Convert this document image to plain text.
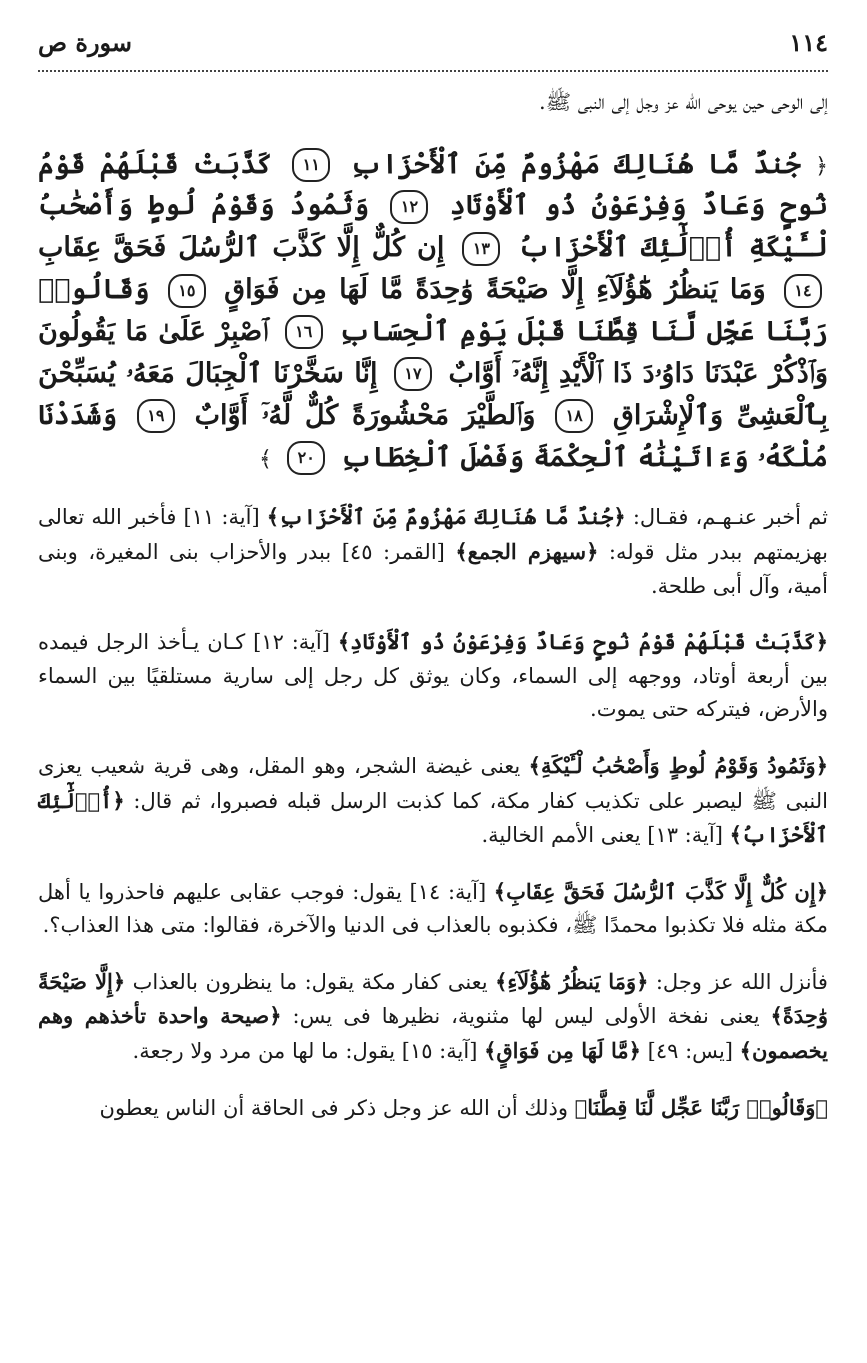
١١٤
سورة ص

إلى الوحى حين يوحى الله عز وجل إلى النبى ﷺ.

﴿ جُندٌ مَّا هُنَالِكَ مَهْزُومٌ مِّنَ ٱلْأَحْزَابِ ١١ كَذَّبَتْ قَبْلَهُمْ قَوْمُ نُوحٍ وَعَادٌ وَفِرْعَوْنُ ذُو ٱلْأَوْتَادِ ١٢ وَثَمُودُ وَقَوْمُ لُوطٍ وَأَصْحَٰبُ لْـَٔيْكَةِ أُو۟لَٰٓئِكَ ٱلْأَحْزَابُ ١٣ إِن كُلٌّ إِلَّا كَذَّبَ ٱلرُّسُلَ فَحَقَّ عِقَابِ ١٤ وَمَا يَنظُرُ هَٰٓؤُلَآءِ إِلَّا صَيْحَةً وَٰحِدَةً مَّا لَهَا مِن فَوَاقٍ ١٥ وَقَالُوا۟ رَبَّنَا عَجِّل لَّنَا قِطَّنَا قَبْلَ يَوْمِ ٱلْحِسَابِ ١٦ ٱصْبِرْ عَلَىٰ مَا يَقُولُونَ وَٱذْكُرْ عَبْدَنَا دَاوُۥدَ ذَا ٱلْأَيْدِ إِنَّهُۥٓ أَوَّابٌ ١٧ إِنَّا سَخَّرْنَا ٱلْجِبَالَ مَعَهُۥ يُسَبِّحْنَ بِٱلْعَشِىِّ وَٱلْإِشْرَاقِ ١٨ وَٱلطَّيْرَ مَحْشُورَةً كُلٌّ لَّهُۥٓ أَوَّابٌ ١٩ وَشَدَدْنَا مُلْكَهُۥ وَءَاتَيْنَٰهُ ٱلْحِكْمَةَ وَفَصْلَ ٱلْخِطَابِ ٢٠ ﴾

ثم أخبر عنـهـم، فقـال: ﴿جُندٌ مَّا هُنَالِكَ مَهْزُومٌ مِّنَ ٱلْأَحْزَابِ﴾ [آية: ١١] فأخبر الله تعالى بهزيمتهم ببدر مثل قوله: ﴿سيهزم الجمع﴾ [القمر: ٤٥] ببدر والأحزاب بنى المغيرة، وبنى أمية، وآل أبى طلحة.

﴿كَذَّبَتْ قَبْلَهُمْ قَوْمُ نُوحٍ وَعَادٌ وَفِرْعَوْنُ ذُو ٱلْأَوْتَادِ﴾ [آية: ١٢] كـان يـأخذ الرجل فيمده بين أربعة أوتاد، ووجهه إلى السماء، وكان يوثق كل رجل إلى سارية مستلقيًا بين السماء والأرض، فيتركه حتى يموت.

﴿وَثَمُودُ وَقَوْمُ لُوطٍ وَأَصْحَٰبُ لْـَٔيْكَةِ﴾ يعنى غيضة الشجر، وهو المقل، وهى قرية شعيب يعزى النبى ﷺ ليصبر على تكذيب كفار مكة، كما كذبت الرسل قبله فصبروا، ثم قال: ﴿أُو۟لَٰٓئِكَ ٱلْأَحْزَابُ﴾ [آية: ١٣] يعنى الأمم الخالية.

﴿إِن كُلٌّ إِلَّا كَذَّبَ ٱلرُّسُلَ فَحَقَّ عِقَابِ﴾ [آية: ١٤] يقول: فوجب عقابى عليهم فاحذروا يا أهل مكة مثله فلا تكذبوا محمدًا ﷺ، فكذبوه بالعذاب فى الدنيا والآخرة، فقالوا: متى هذا العذاب؟.

فأنزل الله عز وجل: ﴿وَمَا يَنظُرُ هَٰٓؤُلَآءِ﴾ يعنى كفار مكة يقول: ما ينظرون بالعذاب ﴿إِلَّا صَيْحَةً وَٰحِدَةً﴾ يعنى نفخة الأولى ليس لها مثنوية، نظيرها فى يس: ﴿صيحة واحدة تأخذهم وهم يخصمون﴾ [يس: ٤٩] ﴿مَّا لَهَا مِن فَوَاقٍ﴾ [آية: ١٥] يقول: ما لها من مرد ولا رجعة.

﴿وَقَالُوا۟ رَبَّنَا عَجِّل لَّنَا قِطَّنَا﴾ وذلك أن الله عز وجل ذكر فى الحاقة أن الناس يعطون
